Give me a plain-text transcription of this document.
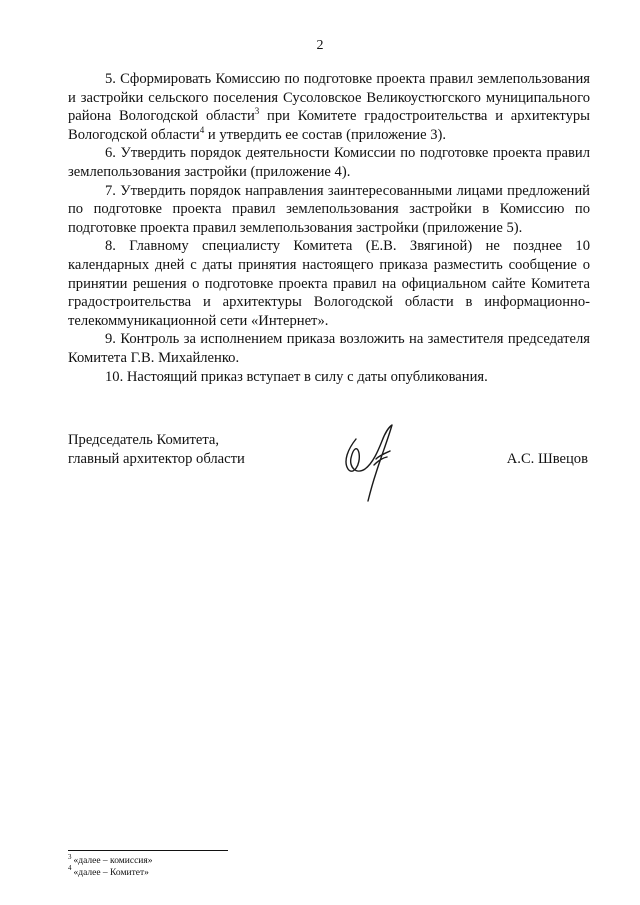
2

5. Сформировать Комиссию по подготовке проекта правил землепользования и застройки сельского поселения Сусоловское Великоустюгского муниципального района Вологодской области$^3$ при Комитете градостроительства и архитектуры Вологодской области$^4$ и утвердить ее состав (приложение 3).

6. Утвердить порядок деятельности Комиссии по подготовке проекта правил землепользования застройки (приложение 4).

7. Утвердить порядок направления заинтересованными лицами предложений по подготовке проекта правил землепользования застройки в Комиссию по подготовке проекта правил землепользования застройки (приложение 5).

8. Главному специалисту Комитета (Е.В. Звягиной) не позднее 10 календарных дней с даты принятия настоящего приказа разместить сообщение о принятии решения о подготовке проекта правил на официальном сайте Комитета градостроительства и архитектуры Вологодской области в информационно-телекоммуникационной сети «Интернет».

9. Контроль за исполнением приказа возложить на заместителя председателя Комитета Г.В. Михайленко.

10. Настоящий приказ вступает в силу с даты опубликования.

Председатель Комитета,
главный архитектор области	А.С. Швецов
$^3$ «далее – комиссия»
$^4$ «далее – Комитет»
